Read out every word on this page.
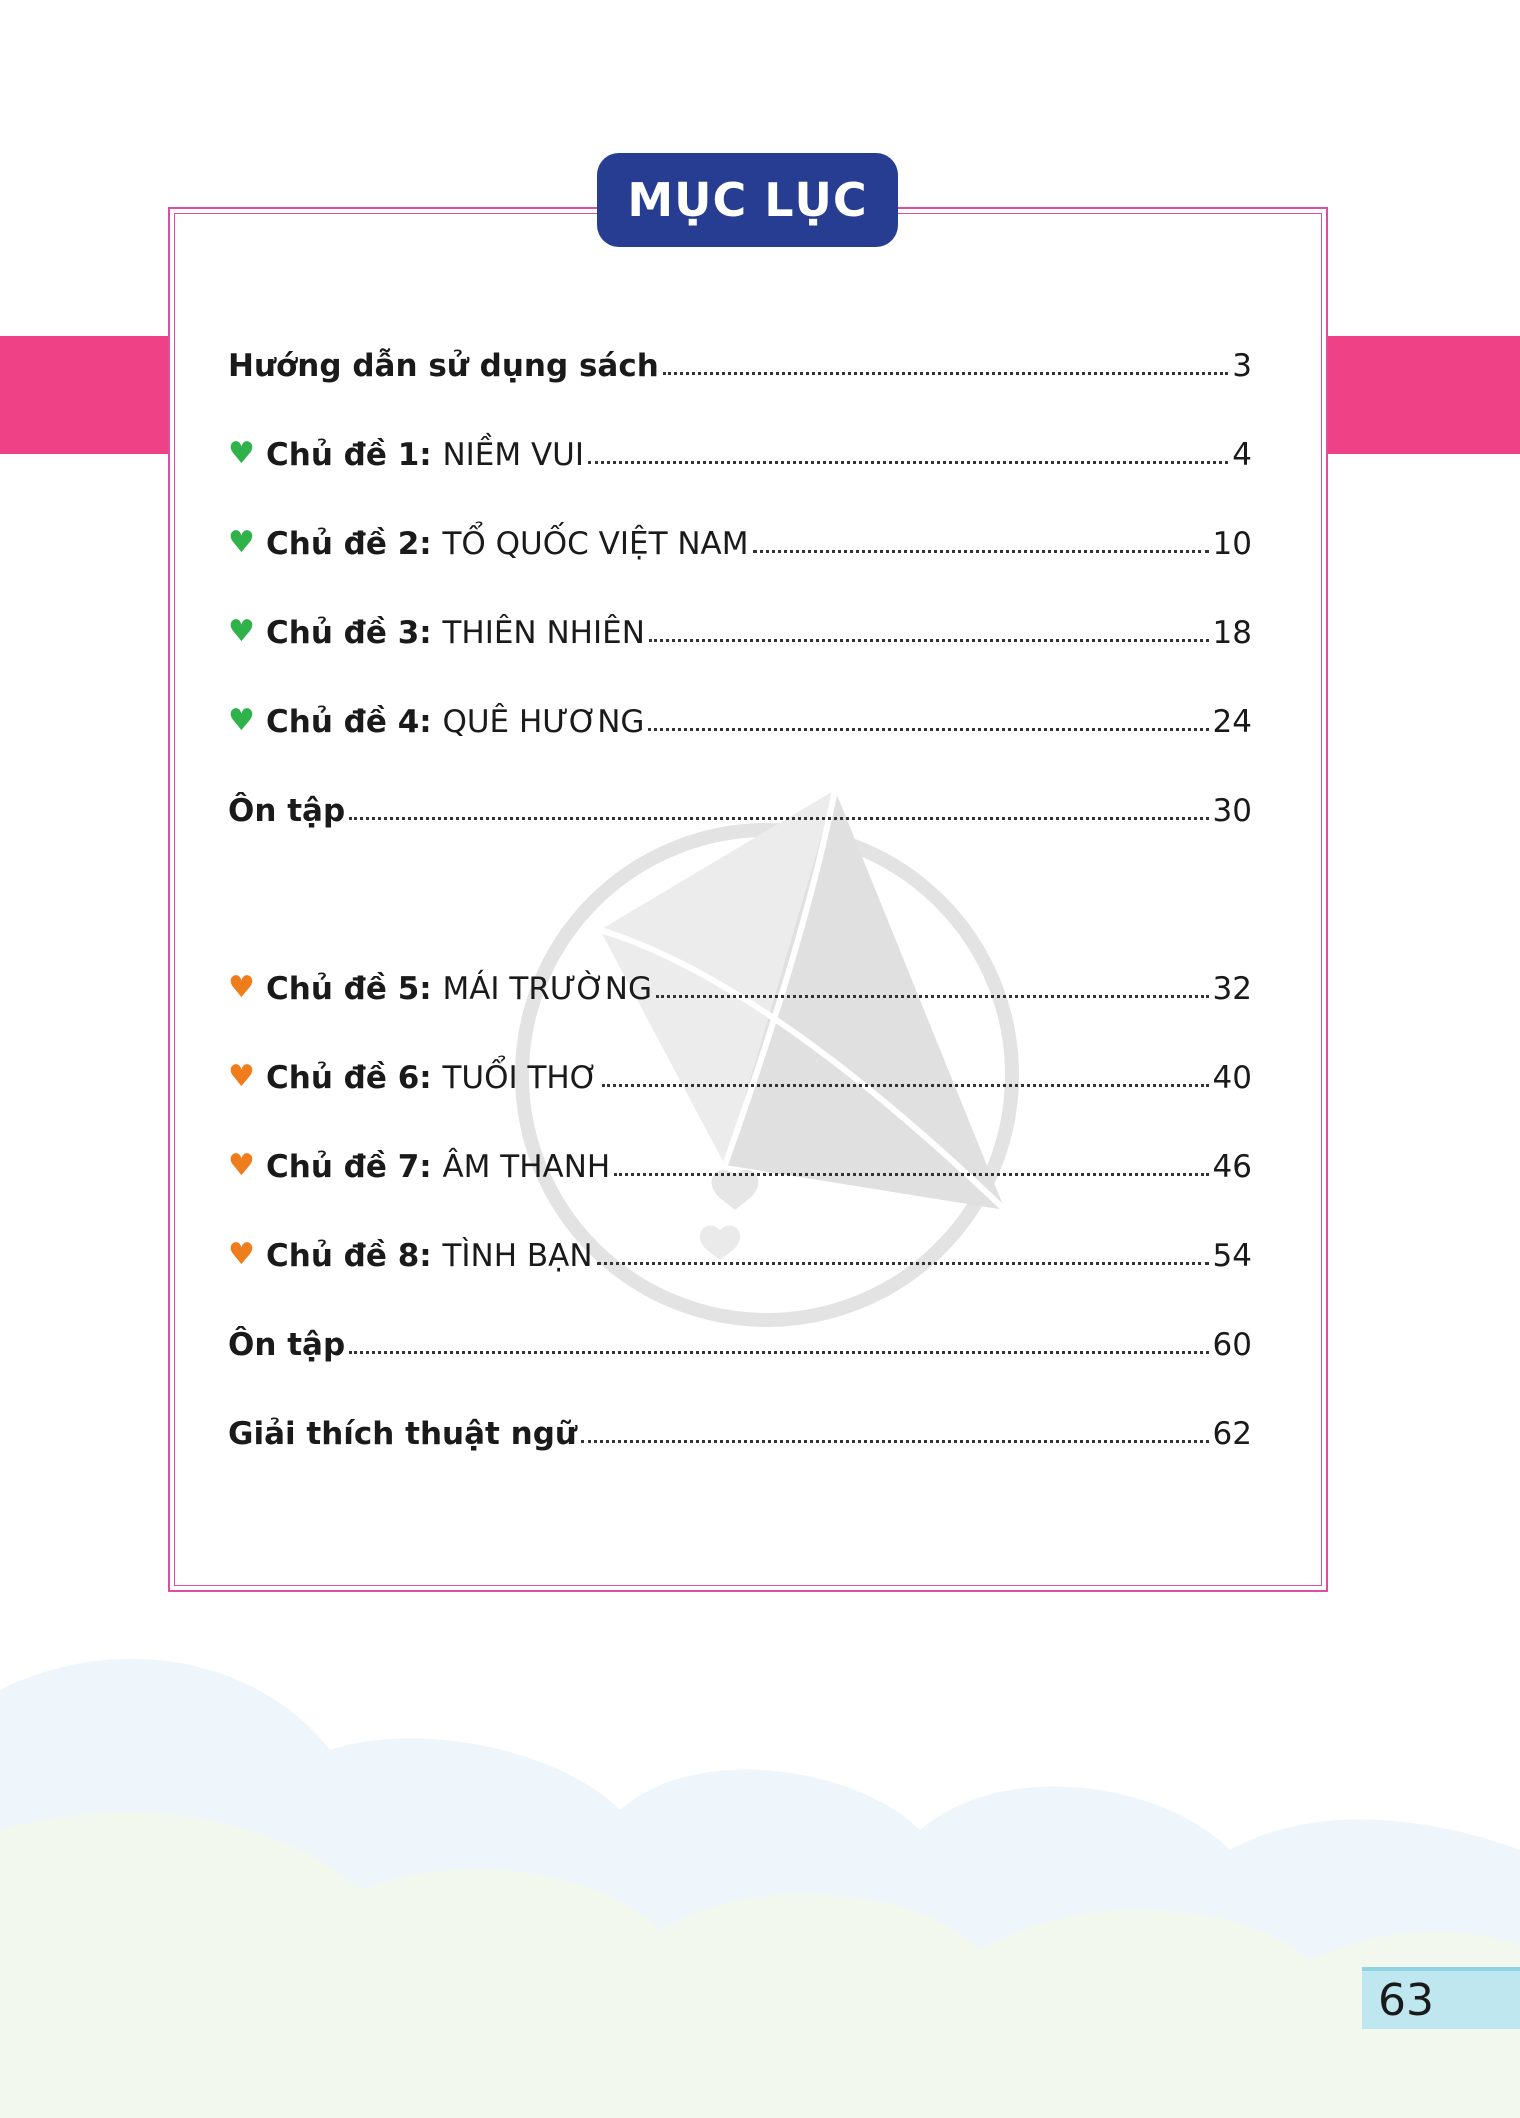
MỤC LỤC
Hướng dẫn sử dụng sách	3
♥ Chủ đề 1: NIỀM VUI	4
♥ Chủ đề 2: TỔ QUỐC VIỆT NAM	10
♥ Chủ đề 3: THIÊN NHIÊN	18
♥ Chủ đề 4: QUÊ HƯƠNG	24
Ôn tập	30
♥ Chủ đề 5: MÁI TRƯỜNG	32
♥ Chủ đề 6: TUỔI THƠ	40
♥ Chủ đề 7: ÂM THANH	46
♥ Chủ đề 8: TÌNH BẠN	54
Ôn tập	60
Giải thích thuật ngữ	62
63
